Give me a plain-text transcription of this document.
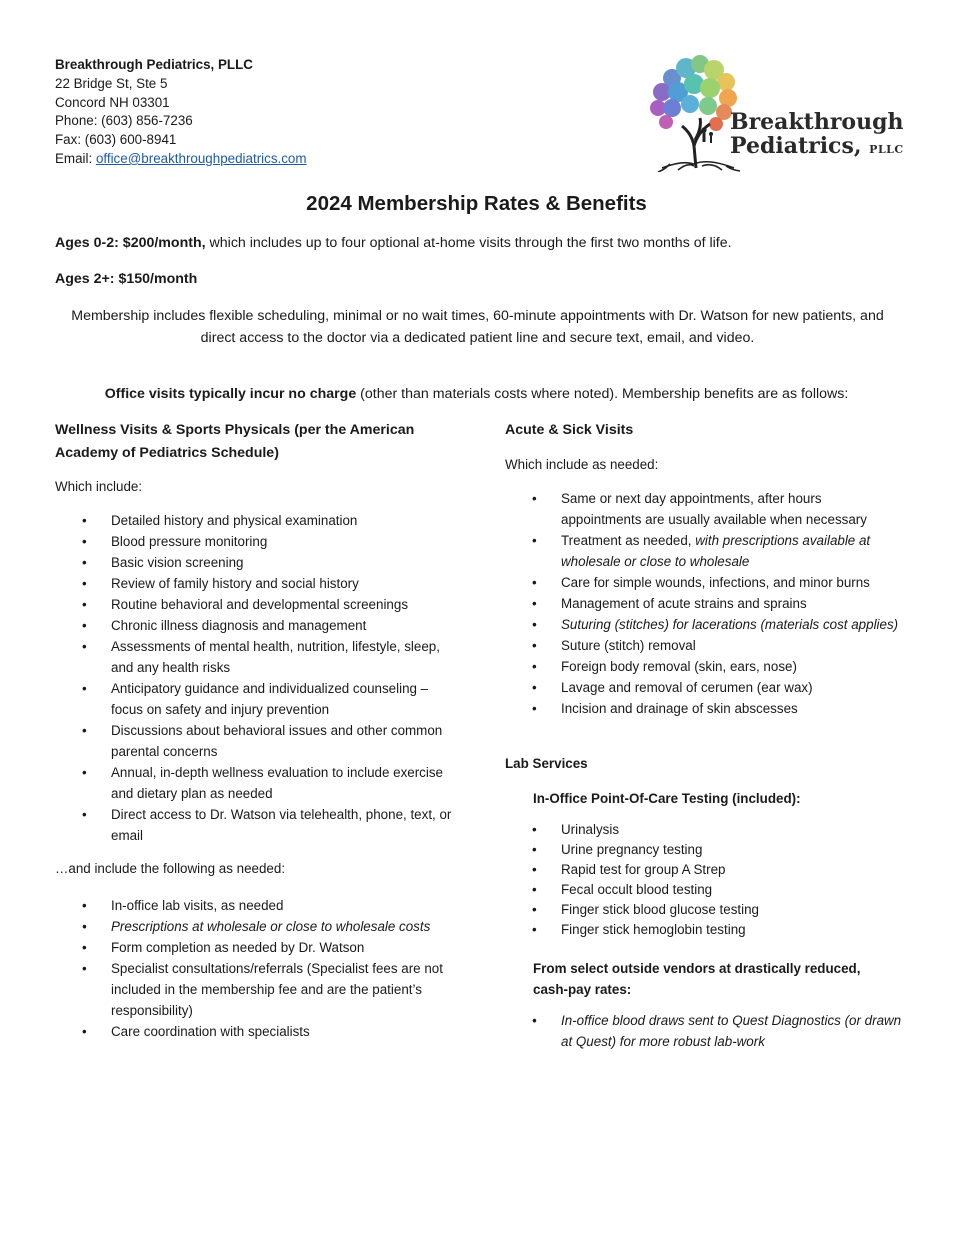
Breakthrough Pediatrics, PLLC
22 Bridge St, Ste 5
Concord NH 03301
Phone: (603) 856-7236
Fax: (603) 600-8941
Email: office@breakthroughpediatrics.com
Breakthrough
Pediatrics, PLLC
2024 Membership Rates & Benefits
Ages 0-2: $200/month, which includes up to four optional at-home visits through the first two months of life.
Ages 2+: $150/month
Membership includes flexible scheduling, minimal or no wait times, 60-minute appointments with Dr. Watson for new patients, and direct access to the doctor via a dedicated patient line and secure text, email, and video.
Office visits typically incur no charge (other than materials costs where noted). Membership benefits are as follows:
Wellness Visits & Sports Physicals (per the American Academy of Pediatrics Schedule)
Which include:
• Detailed history and physical examination
• Blood pressure monitoring
• Basic vision screening
• Review of family history and social history
• Routine behavioral and developmental screenings
• Chronic illness diagnosis and management
• Assessments of mental health, nutrition, lifestyle, sleep, and any health risks
• Anticipatory guidance and individualized counseling – focus on safety and injury prevention
• Discussions about behavioral issues and other common parental concerns
• Annual, in-depth wellness evaluation to include exercise and dietary plan as needed
• Direct access to Dr. Watson via telehealth, phone, text, or email
…and include the following as needed:
• In-office lab visits, as needed
• Prescriptions at wholesale or close to wholesale costs
• Form completion as needed by Dr. Watson
• Specialist consultations/referrals (Specialist fees are not included in the membership fee and are the patient’s responsibility)
• Care coordination with specialists
Acute & Sick Visits
Which include as needed:
• Same or next day appointments, after hours appointments are usually available when necessary
• Treatment as needed, with prescriptions available at wholesale or close to wholesale
• Care for simple wounds, infections, and minor burns
• Management of acute strains and sprains
• Suturing (stitches) for lacerations (materials cost applies)
• Suture (stitch) removal
• Foreign body removal (skin, ears, nose)
• Lavage and removal of cerumen (ear wax)
• Incision and drainage of skin abscesses
Lab Services
In-Office Point-Of-Care Testing (included):
• Urinalysis
• Urine pregnancy testing
• Rapid test for group A Strep
• Fecal occult blood testing
• Finger stick blood glucose testing
• Finger stick hemoglobin testing
From select outside vendors at drastically reduced, cash-pay rates:
• In-office blood draws sent to Quest Diagnostics (or drawn at Quest) for more robust lab-work
